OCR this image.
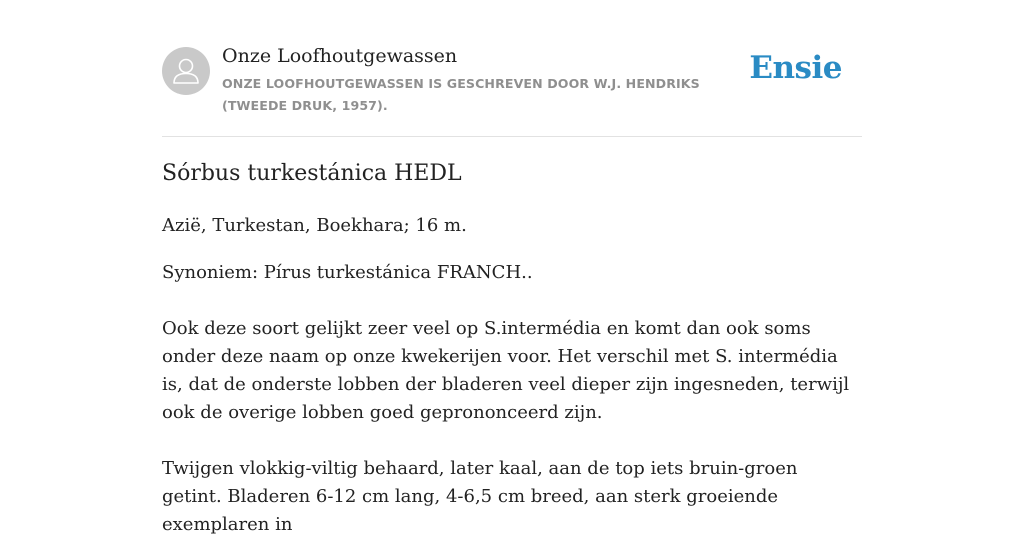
Onze Loofhoutgewassen
ONZE LOOFHOUTGEWASSEN IS GESCHREVEN DOOR W.J. HENDRIKS (TWEEDE DRUK, 1957).
Ensie
Sórbus turkestánica HEDL

Azië, Turkestan, Boekhara; 16 m.

Synoniem: Pírus turkestánica FRANCH..

Ook deze soort gelijkt zeer veel op S.intermédia en komt dan ook soms onder deze naam op onze kwekerijen voor. Het verschil met S. intermédia is, dat de onderste lobben der bladeren veel dieper zijn ingesneden, terwijl ook de overige lobben goed geprononceerd zijn.

Twijgen vlokkig-viltig behaard, later kaal, aan de top iets bruin-groen getint. Bladeren 6-12 cm lang, 4-6,5 cm breed, aan sterk groeiende exemplaren in
